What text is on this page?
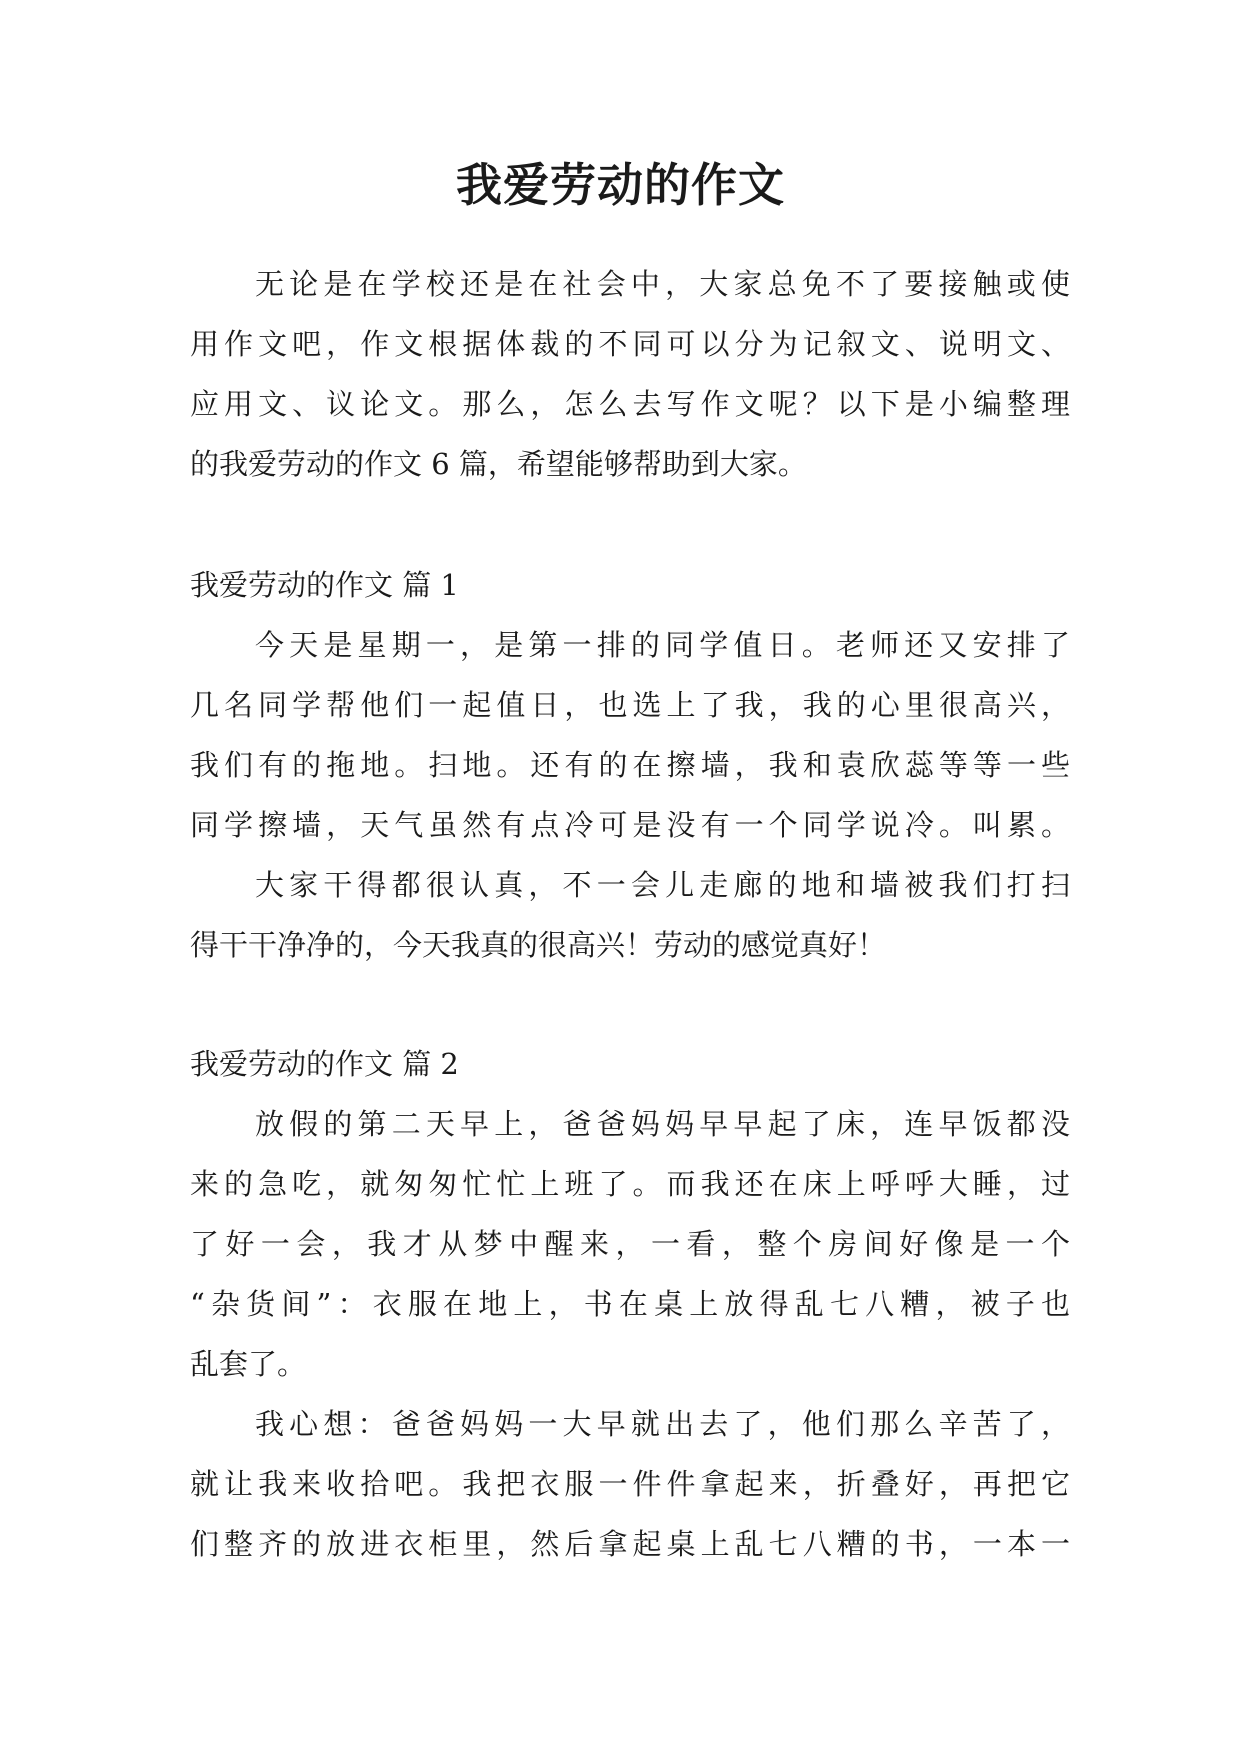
我爱劳动的作文
无论是在学校还是在社会中，大家总免不了要接触或使
用作文吧，作文根据体裁的不同可以分为记叙文、说明文、
应用文、议论文。那么，怎么去写作文呢？以下是小编整理
的我爱劳动的作文 6 篇，希望能够帮助到大家。
我爱劳动的作文 篇 1
今天是星期一，是第一排的同学值日。老师还又安排了
几名同学帮他们一起值日，也选上了我，我的心里很高兴，
我们有的拖地。扫地。还有的在擦墙，我和袁欣蕊等等一些
同学擦墙，天气虽然有点冷可是没有一个同学说冷。叫累。
大家干得都很认真，不一会儿走廊的地和墙被我们打扫
得干干净净的，今天我真的很高兴！劳动的感觉真好！
我爱劳动的作文 篇 2
放假的第二天早上，爸爸妈妈早早起了床，连早饭都没
来的急吃，就匆匆忙忙上班了。而我还在床上呼呼大睡，过
了好一会，我才从梦中醒来，一看，整个房间好像是一个
“杂货间”：衣服在地上，书在桌上放得乱七八糟，被子也
乱套了。
我心想：爸爸妈妈一大早就出去了，他们那么辛苦了，
就让我来收拾吧。我把衣服一件件拿起来，折叠好，再把它
们整齐的放进衣柜里，然后拿起桌上乱七八糟的书，一本一
